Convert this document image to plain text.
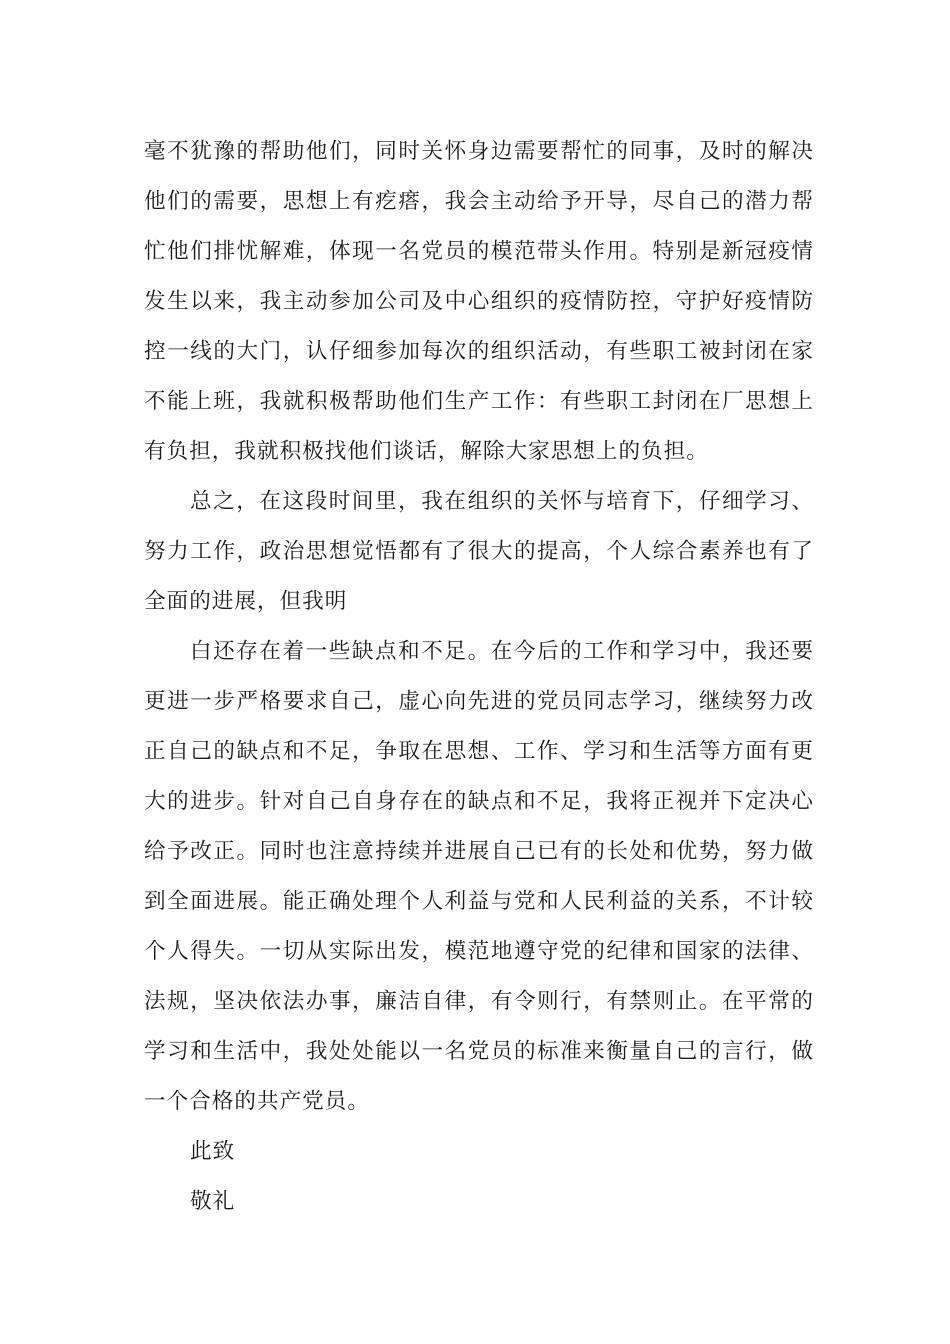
毫不犹豫的帮助他们，同时关怀身边需要帮忙的同事，及时的解决他们的需要，思想上有疙瘩，我会主动给予开导，尽自己的潜力帮忙他们排忧解难，体现一名党员的模范带头作用。特别是新冠疫情发生以来，我主动参加公司及中心组织的疫情防控，守护好疫情防控一线的大门，认仔细参加每次的组织活动，有些职工被封闭在家不能上班，我就积极帮助他们生产工作：有些职工封闭在厂思想上有负担，我就积极找他们谈话，解除大家思想上的负担。

总之，在这段时间里，我在组织的关怀与培育下，仔细学习、努力工作，政治思想觉悟都有了很大的提高，个人综合素养也有了全面的进展，但我明

白还存在着一些缺点和不足。在今后的工作和学习中，我还要更进一步严格要求自己，虚心向先进的党员同志学习，继续努力改正自己的缺点和不足，争取在思想、工作、学习和生活等方面有更大的进步。针对自己自身存在的缺点和不足，我将正视并下定决心给予改正。同时也注意持续并进展自己已有的长处和优势，努力做到全面进展。能正确处理个人利益与党和人民利益的关系，不计较个人得失。一切从实际出发，模范地遵守党的纪律和国家的法律、法规，坚决依法办事，廉洁自律，有令则行，有禁则止。在平常的学习和生活中，我处处能以一名党员的标准来衡量自己的言行，做一个合格的共产党员。

此致

敬礼
